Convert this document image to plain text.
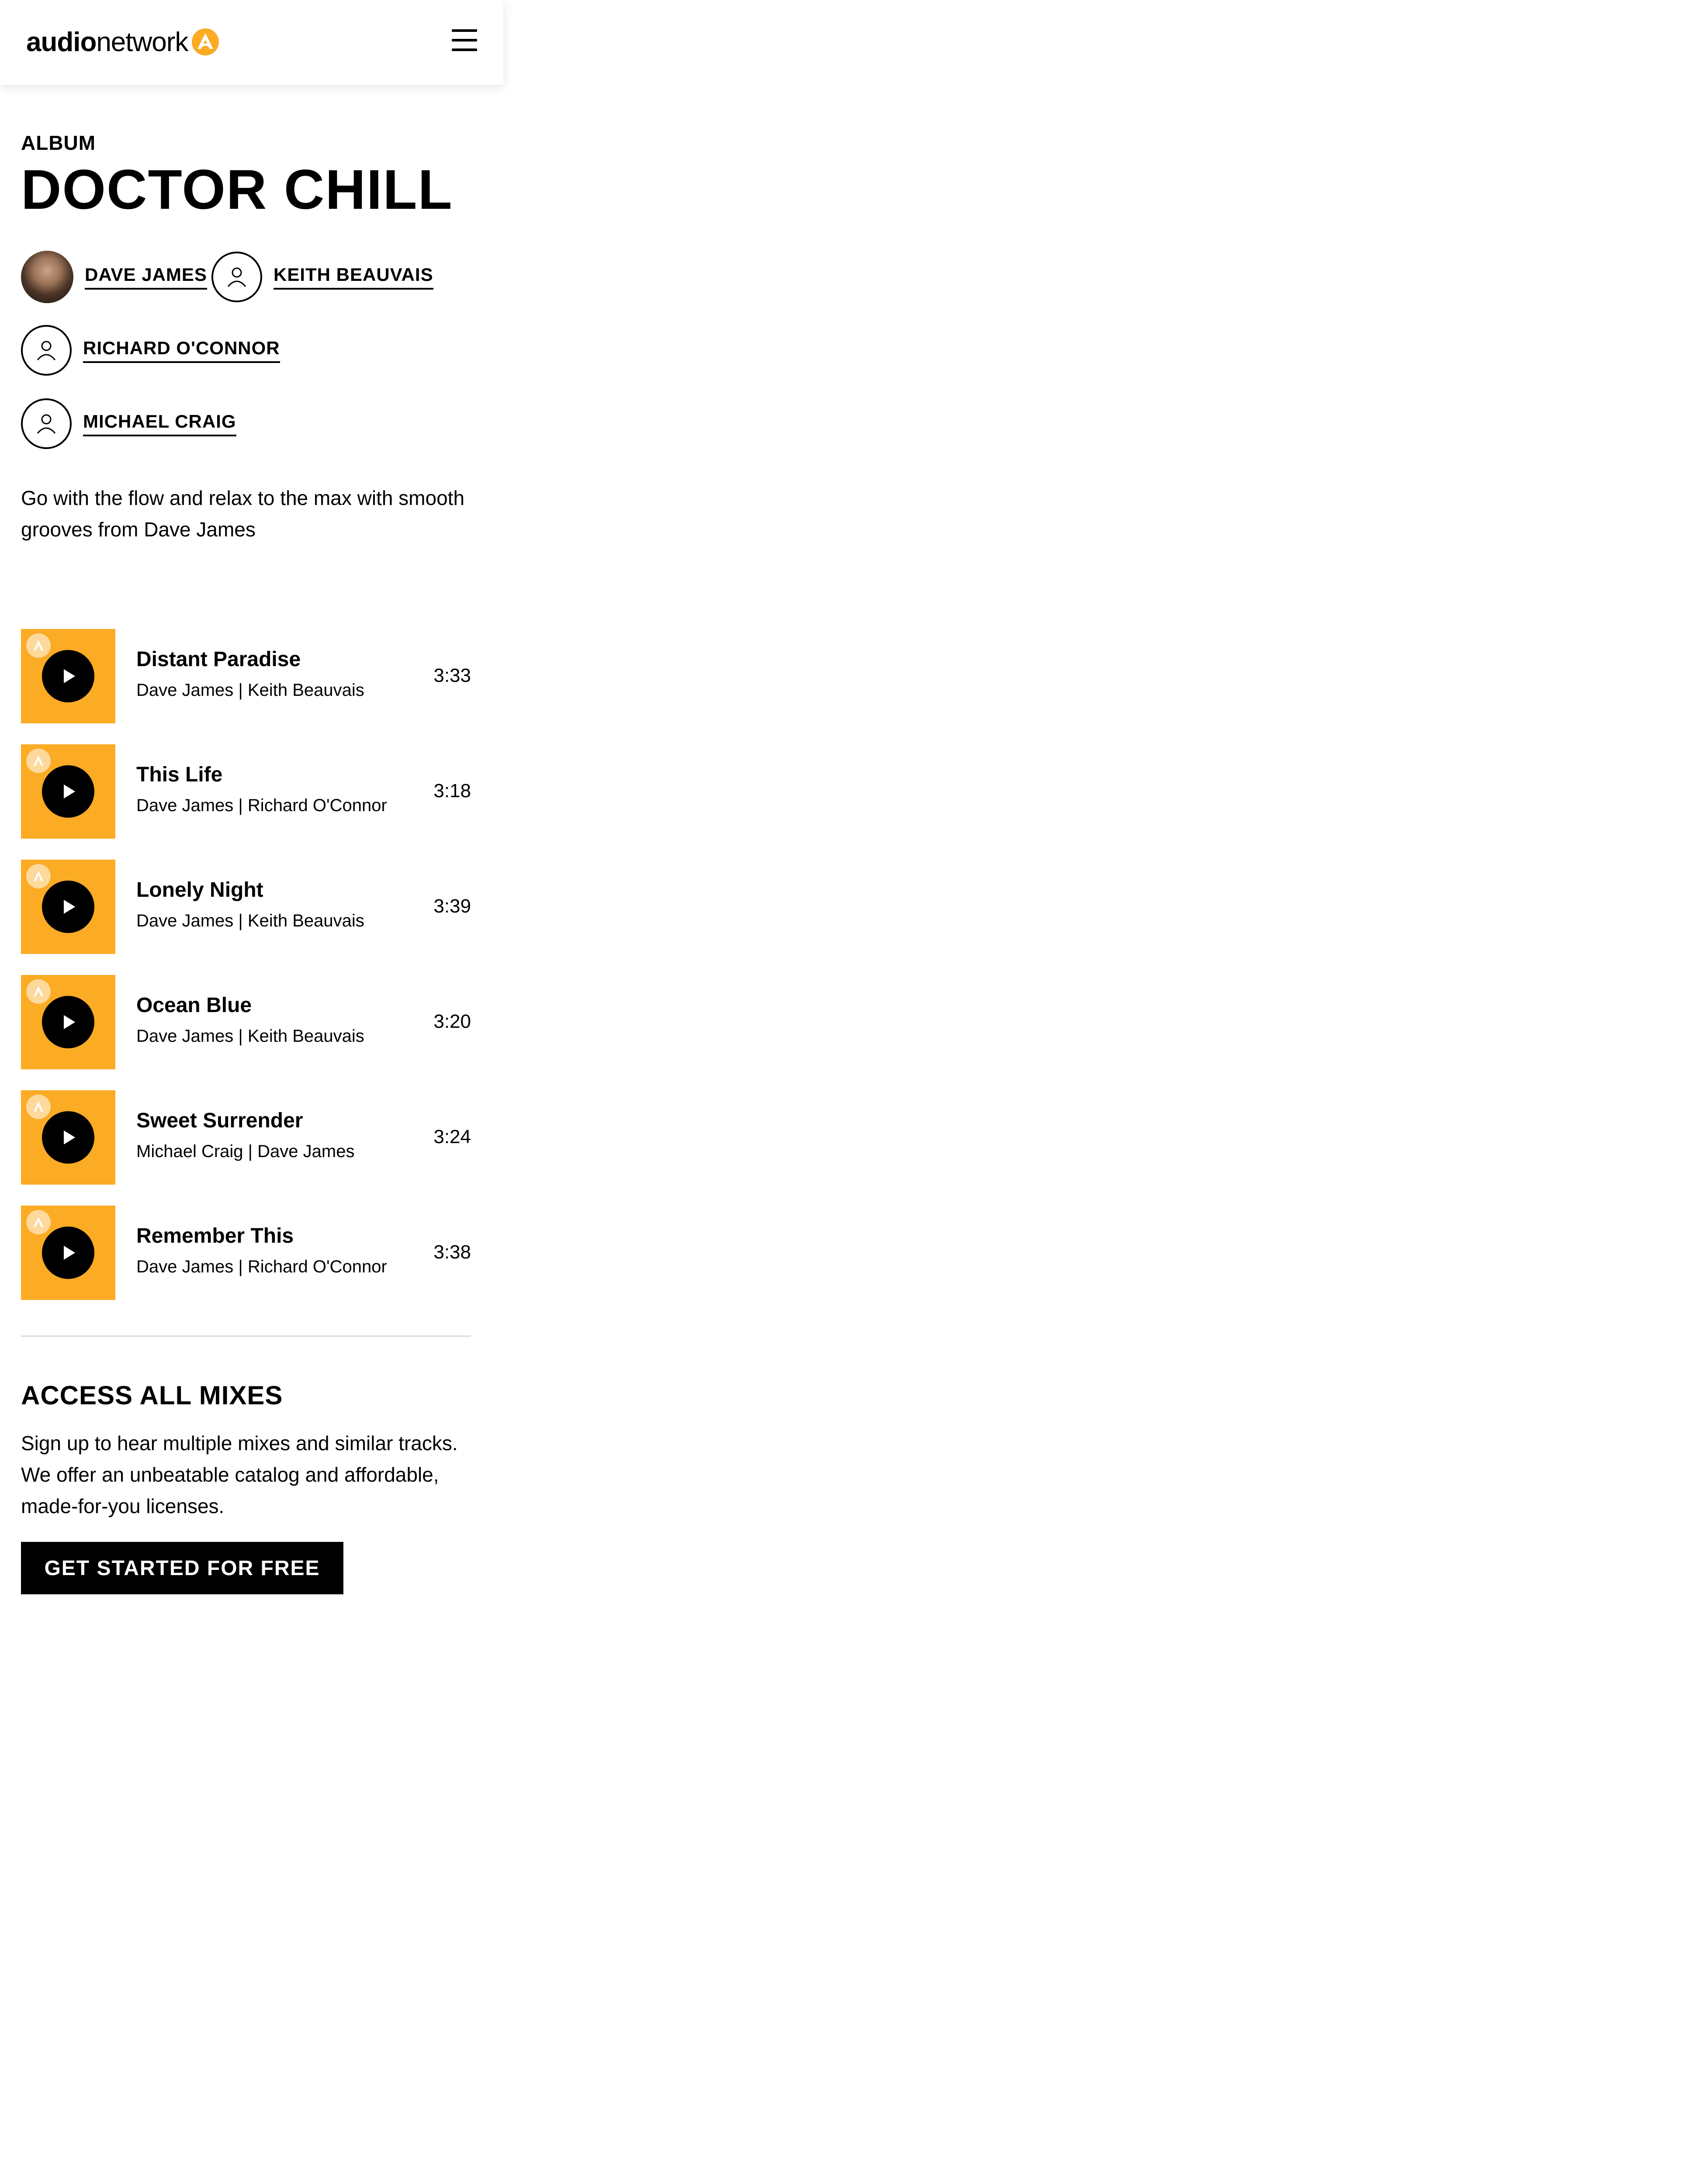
audio network
ALBUM
DOCTOR CHILL
DAVE JAMES	KEITH BEAUVAIS
RICHARD O'CONNOR
MICHAEL CRAIG

Go with the flow and relax to the max with smooth grooves from Dave James

Distant Paradise
Dave James | Keith Beauvais
3:33
This Life
Dave James | Richard O'Connor
3:18
Lonely Night
Dave James | Keith Beauvais
3:39
Ocean Blue
Dave James | Keith Beauvais
3:20
Sweet Surrender
Michael Craig | Dave James
3:24
Remember This
Dave James | Richard O'Connor
3:38
ACCESS ALL MIXES

Sign up to hear multiple mixes and similar tracks. We offer an unbeatable catalog and affordable, made-for-you licenses.

GET STARTED FOR FREE
